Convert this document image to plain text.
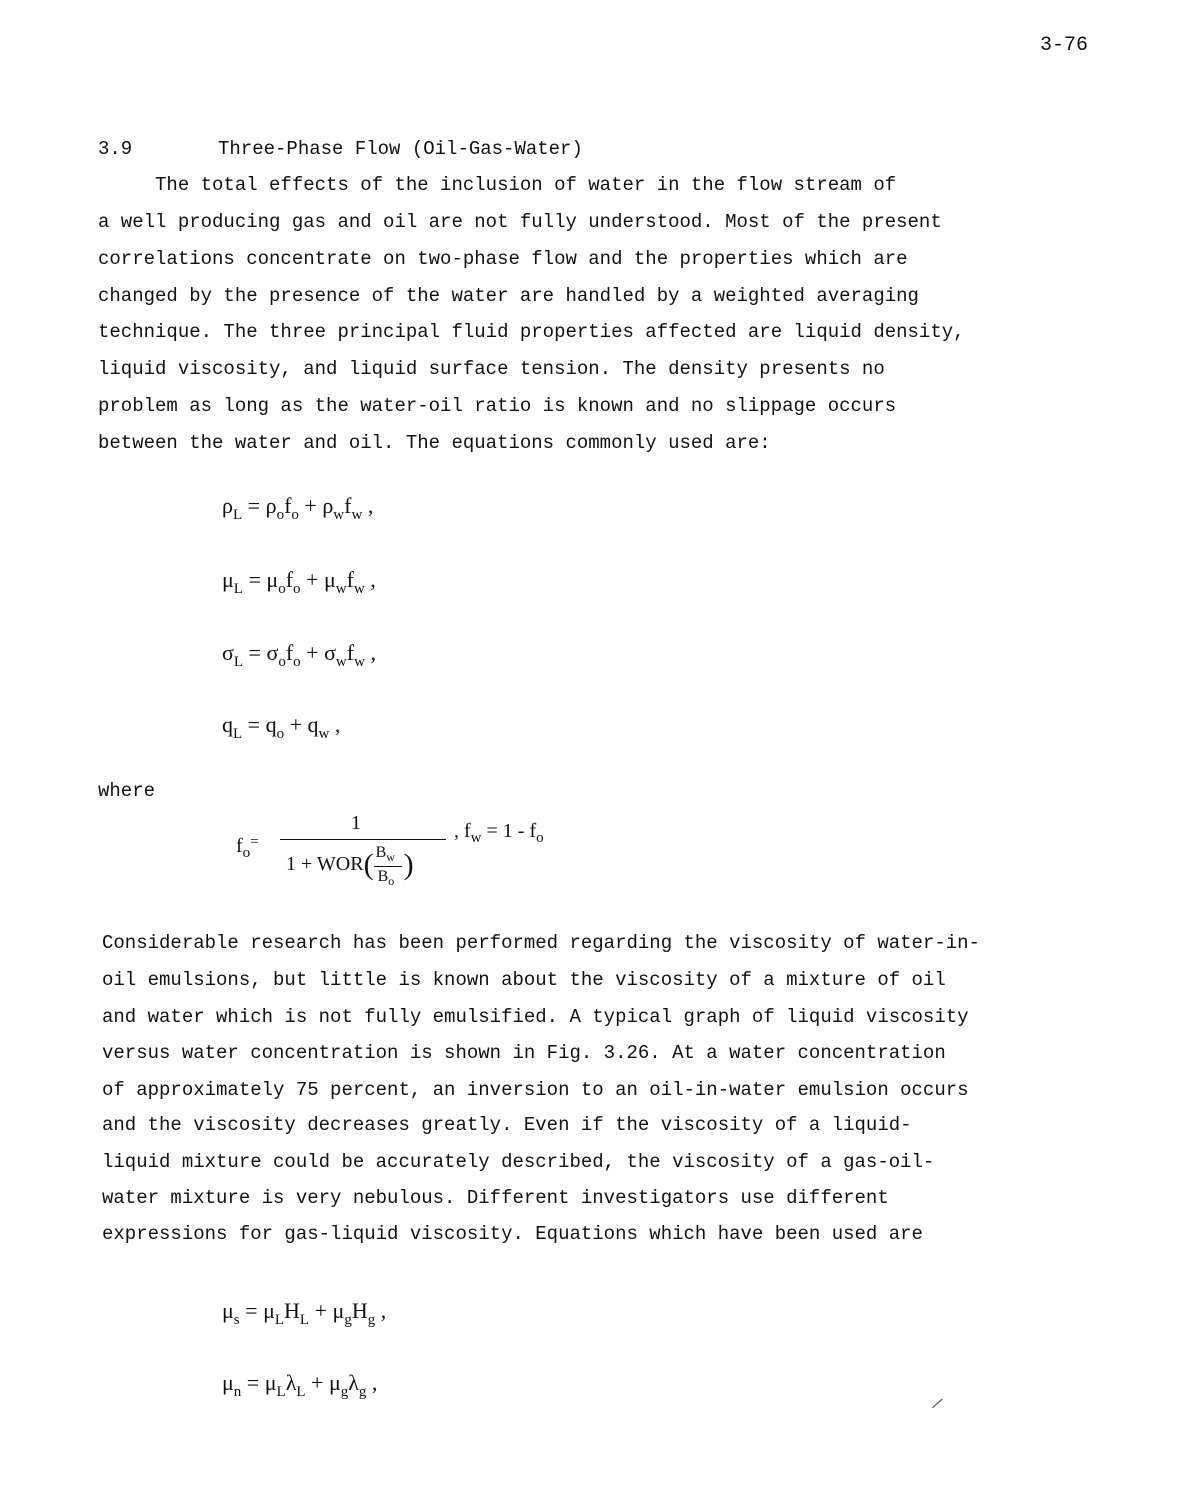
3-76
3.9	Three-Phase Flow (Oil-Gas-Water)
The total effects of the inclusion of water in the flow stream of
a well producing gas and oil are not fully understood. Most of the present
correlations concentrate on two-phase flow and the properties which are
changed by the presence of the water are handled by a weighted averaging
technique. The three principal fluid properties affected are liquid density,
liquid viscosity, and liquid surface tension. The density presents no
problem as long as the water-oil ratio is known and no slippage occurs
between the water and oil. The equations commonly used are:
$\rho_L = \rho_of_o + \rho_wf_w$ ,
$\mu_L = \mu_of_o + \mu_wf_w$ ,
$\sigma_L = \sigma_of_o + \sigma_wf_w$ ,
$q_L = q_o + q_w$ ,
where
$f_o^=$
1
$1 + WOR( \frac{B_w}{B_o}$ )
, $f_w = 1 - f_o$
Considerable research has been performed regarding the viscosity of water-in-
oil emulsions, but little is known about the viscosity of a mixture of oil
and water which is not fully emulsified. A typical graph of liquid viscosity
versus water concentration is shown in Fig. 3.26. At a water concentration
of approximately 75 percent, an inversion to an oil-in-water emulsion occurs
and the viscosity decreases greatly. Even if the viscosity of a liquid-
liquid mixture could be accurately described, the viscosity of a gas-oil-
water mixture is very nebulous. Different investigators use different
expressions for gas-liquid viscosity. Equations which have been used are
$\mu_s = \mu_LH_L + \mu_gH_g$ ,
$\mu_n = \mu_L\lambda_L + \mu_g\lambda_g$ ,
/
